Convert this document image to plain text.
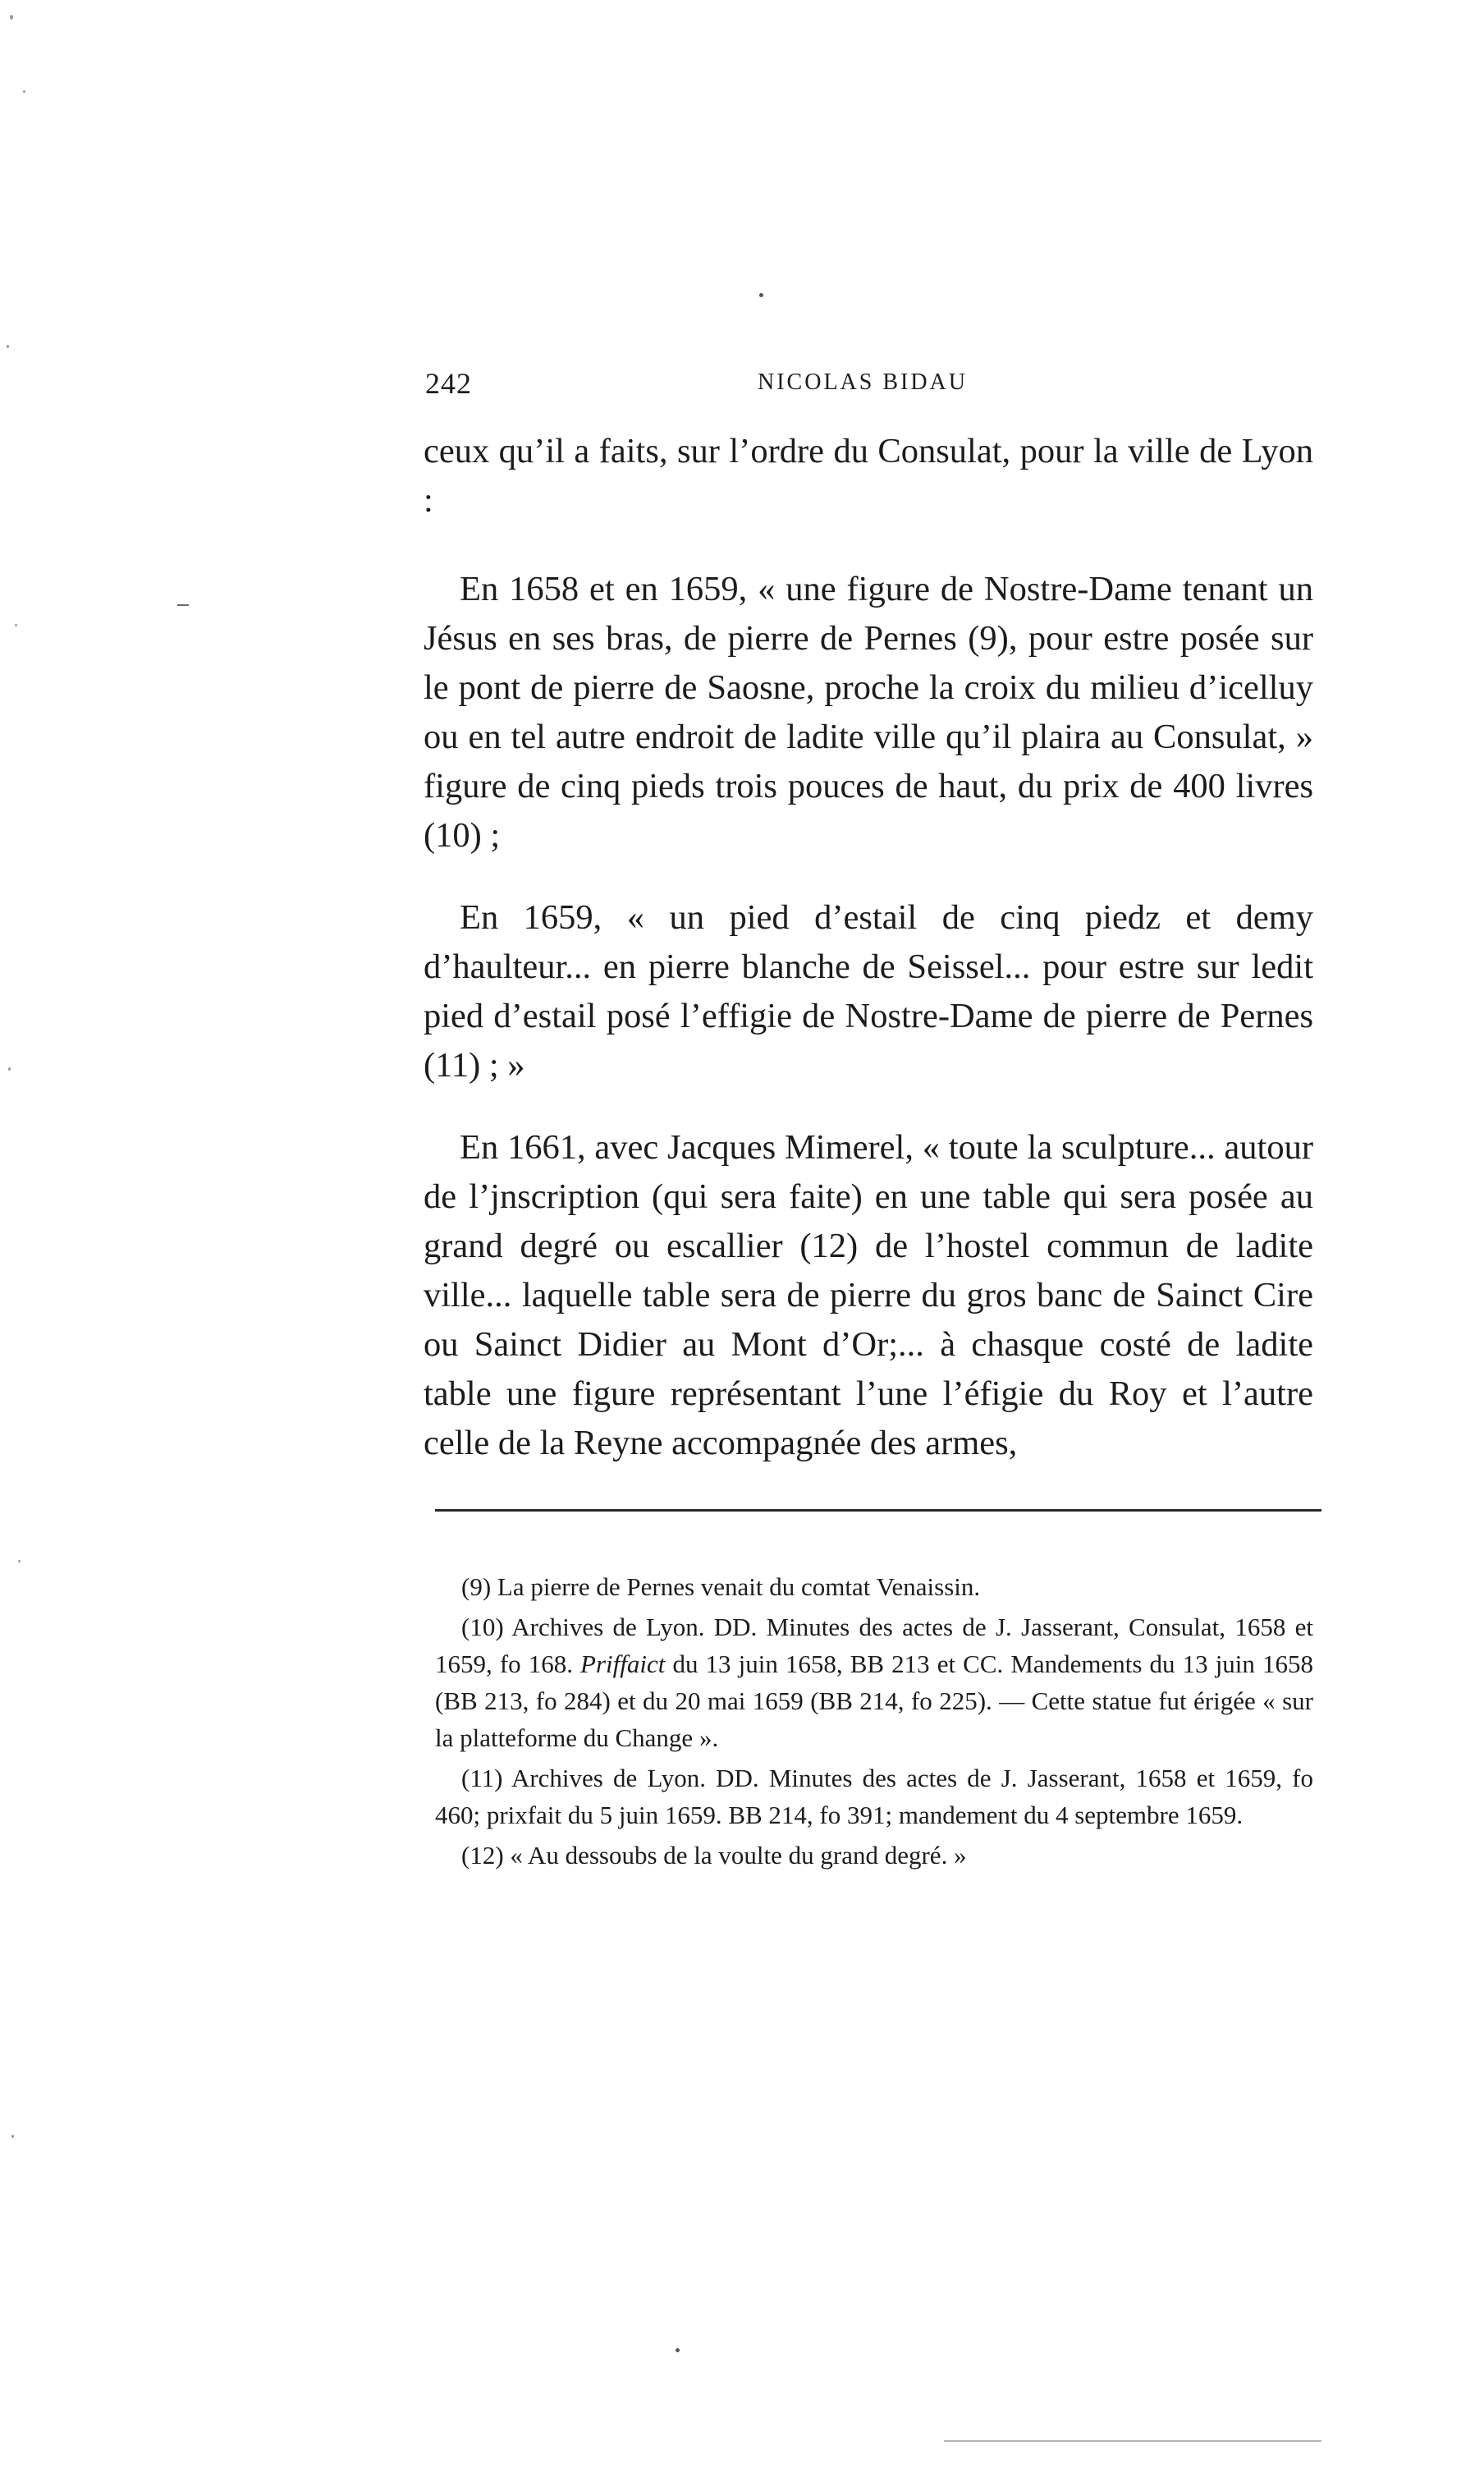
242	NICOLAS BIDAU

ceux qu’il a faits, sur l’ordre du Consulat, pour la ville de Lyon :

En 1658 et en 1659, « une figure de Nostre-Dame tenant un Jésus en ses bras, de pierre de Pernes (9), pour estre posée sur le pont de pierre de Saosne, proche la croix du milieu d’icelluy ou en tel autre endroit de ladite ville qu’il plaira au Consulat, » figure de cinq pieds trois pouces de haut, du prix de 400 livres (10) ;

En 1659, « un pied d’estail de cinq piedz et demy d’haulteur... en pierre blanche de Seissel... pour estre sur ledit pied d’estail posé l’effigie de Nostre-Dame de pierre de Pernes (11) ; »

En 1661, avec Jacques Mimerel, « toute la sculpture... autour de l’jnscription (qui sera faite) en une table qui sera posée au grand degré ou escallier (12) de l’hostel commun de ladite ville... laquelle table sera de pierre du gros banc de Sainct Cire ou Sainct Didier au Mont d’Or;... à chasque costé de ladite table une figure représentant l’une l’éfigie du Roy et l’autre celle de la Reyne accompagnée des armes,

(9) La pierre de Pernes venait du comtat Venaissin.

(10) Archives de Lyon. DD. Minutes des actes de J. Jasserant, Consulat, 1658 et 1659, fo 168. Priffaict du 13 juin 1658, BB 213 et CC. Mandements du 13 juin 1658 (BB 213, fo 284) et du 20 mai 1659 (BB 214, fo 225). — Cette statue fut érigée « sur la platteforme du Change ».

(11) Archives de Lyon. DD. Minutes des actes de J. Jasserant, 1658 et 1659, fo 460; prixfait du 5 juin 1659. BB 214, fo 391; mandement du 4 septembre 1659.

(12) « Au dessoubs de la voulte du grand degré. »
